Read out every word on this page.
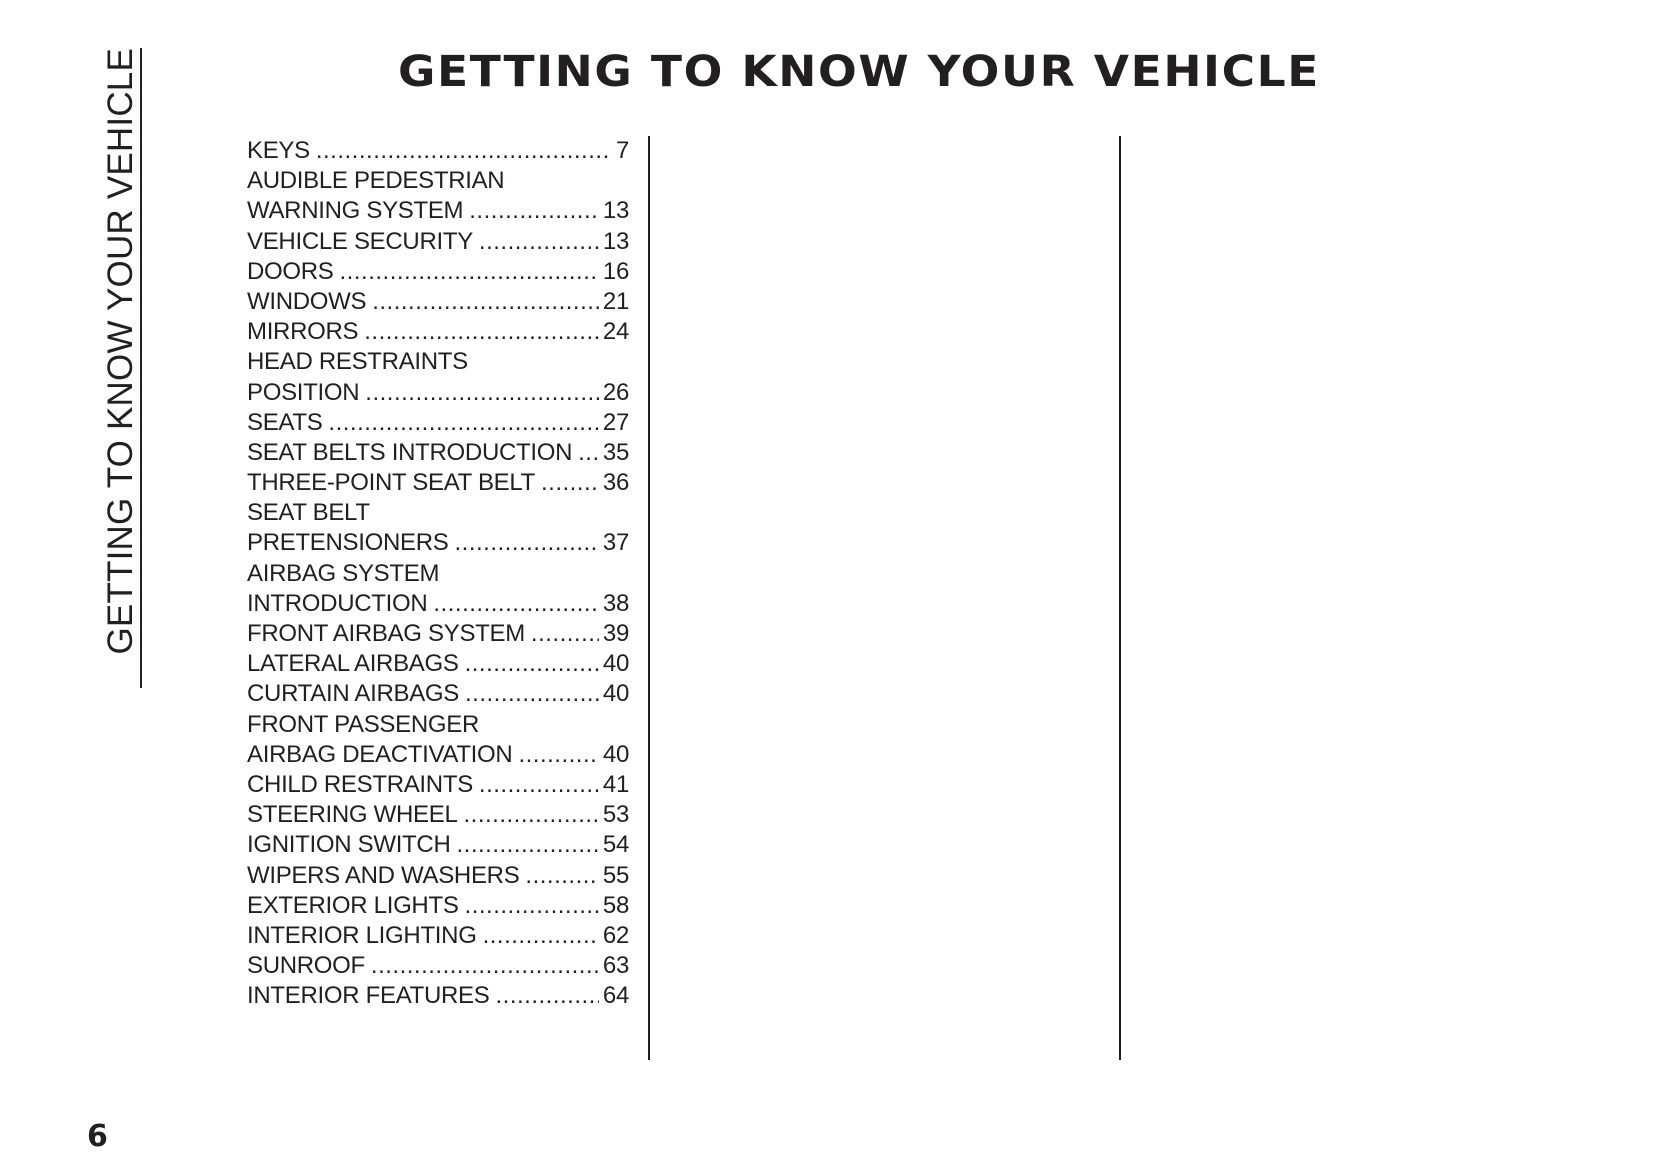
GETTING TO KNOW YOUR VEHICLE	GETTING TO KNOW YOUR VEHICLE
KEYS .....	7
AUDIBLE PEDESTRIAN
WARNING SYSTEM .....	13
VEHICLE SECURITY .....	13
DOORS .....	16
WINDOWS .....	21
MIRRORS .....	24
HEAD RESTRAINTS
POSITION .....	26
SEATS .....	27
SEAT BELTS INTRODUCTION ..... 35
THREE-POINT SEAT BELT .....	36
SEAT BELT
PRETENSIONERS .....	37
AIRBAG SYSTEM
INTRODUCTION .....	38
FRONT AIRBAG SYSTEM .....	39
LATERAL AIRBAGS .....	40
CURTAIN AIRBAGS .....	40
FRONT PASSENGER
AIRBAG DEACTIVATION .....	40
CHILD RESTRAINTS .....	41
STEERING WHEEL .....	53
IGNITION SWITCH .....	54
WIPERS AND WASHERS .....	55
EXTERIOR LIGHTS .....	58
INTERIOR LIGHTING .....	62
SUNROOF .....	63
INTERIOR FEATURES .....	64
6
